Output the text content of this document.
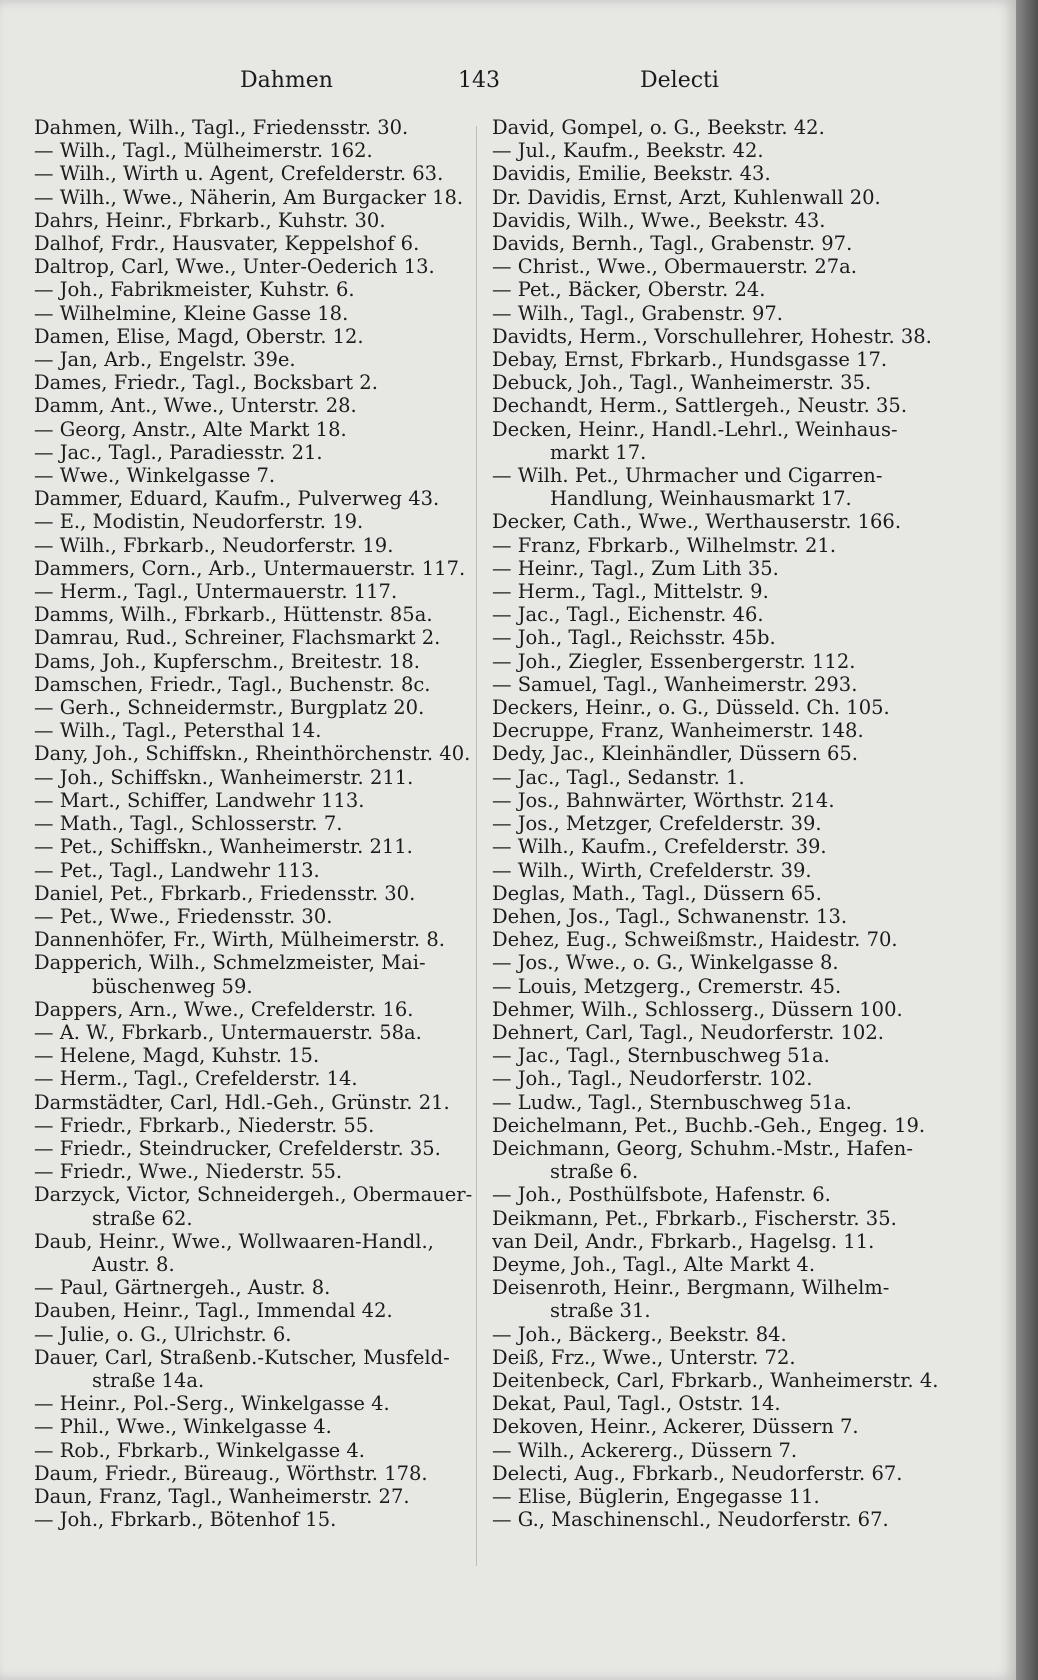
Dahmen	143	Delecti
Dahmen, Wilh., Tagl., Friedensstr. 30.
— Wilh., Tagl., Mülheimerstr. 162.
— Wilh., Wirth u. Agent, Crefelderstr. 63.
— Wilh., Wwe., Näherin, Am Burgacker 18.
Dahrs, Heinr., Fbrkarb., Kuhstr. 30.
Dalhof, Frdr., Hausvater, Keppelshof 6.
Daltrop, Carl, Wwe., Unter-Oederich 13.
— Joh., Fabrikmeister, Kuhstr. 6.
— Wilhelmine, Kleine Gasse 18.
Damen, Elise, Magd, Oberstr. 12.
— Jan, Arb., Engelstr. 39e.
Dames, Friedr., Tagl., Bocksbart 2.
Damm, Ant., Wwe., Unterstr. 28.
— Georg, Anstr., Alte Markt 18.
— Jac., Tagl., Paradiesstr. 21.
— Wwe., Winkelgasse 7.
Dammer, Eduard, Kaufm., Pulverweg 43.
— E., Modistin, Neudorferstr. 19.
— Wilh., Fbrkarb., Neudorferstr. 19.
Dammers, Corn., Arb., Untermauerstr. 117.
— Herm., Tagl., Untermauerstr. 117.
Damms, Wilh., Fbrkarb., Hüttenstr. 85a.
Damrau, Rud., Schreiner, Flachsmarkt 2.
Dams, Joh., Kupferschm., Breitestr. 18.
Damschen, Friedr., Tagl., Buchenstr. 8c.
— Gerh., Schneidermstr., Burgplatz 20.
— Wilh., Tagl., Petersthal 14.
Dany, Joh., Schiffskn., Rheinthörchenstr. 40.
— Joh., Schiffskn., Wanheimerstr. 211.
— Mart., Schiffer, Landwehr 113.
— Math., Tagl., Schlosserstr. 7.
— Pet., Schiffskn., Wanheimerstr. 211.
— Pet., Tagl., Landwehr 113.
Daniel, Pet., Fbrkarb., Friedensstr. 30.
— Pet., Wwe., Friedensstr. 30.
Dannenhöfer, Fr., Wirth, Mülheimerstr. 8.
Dapperich, Wilh., Schmelzmeister, Mai-
büschenweg 59.
Dappers, Arn., Wwe., Crefelderstr. 16.
— A. W., Fbrkarb., Untermauerstr. 58a.
— Helene, Magd, Kuhstr. 15.
— Herm., Tagl., Crefelderstr. 14.
Darmstädter, Carl, Hdl.-Geh., Grünstr. 21.
— Friedr., Fbrkarb., Niederstr. 55.
— Friedr., Steindrucker, Crefelderstr. 35.
— Friedr., Wwe., Niederstr. 55.
Darzyck, Victor, Schneidergeh., Obermauer-
straße 62.
Daub, Heinr., Wwe., Wollwaaren-Handl.,
Austr. 8.
— Paul, Gärtnergeh., Austr. 8.
Dauben, Heinr., Tagl., Immendal 42.
— Julie, o. G., Ulrichstr. 6.
Dauer, Carl, Straßenb.-Kutscher, Musfeld-
straße 14a.
— Heinr., Pol.-Serg., Winkelgasse 4.
— Phil., Wwe., Winkelgasse 4.
— Rob., Fbrkarb., Winkelgasse 4.
Daum, Friedr., Büreaug., Wörthstr. 178.
Daun, Franz, Tagl., Wanheimerstr. 27.
— Joh., Fbrkarb., Bötenhof 15.
David, Gompel, o. G., Beekstr. 42.
— Jul., Kaufm., Beekstr. 42.
Davidis, Emilie, Beekstr. 43.
Dr. Davidis, Ernst, Arzt, Kuhlenwall 20.
Davidis, Wilh., Wwe., Beekstr. 43.
Davids, Bernh., Tagl., Grabenstr. 97.
— Christ., Wwe., Obermauerstr. 27a.
— Pet., Bäcker, Oberstr. 24.
— Wilh., Tagl., Grabenstr. 97.
Davidts, Herm., Vorschullehrer, Hohestr. 38.
Debay, Ernst, Fbrkarb., Hundsgasse 17.
Debuck, Joh., Tagl., Wanheimerstr. 35.
Dechandt, Herm., Sattlergeh., Neustr. 35.
Decken, Heinr., Handl.-Lehrl., Weinhaus-
markt 17.
— Wilh. Pet., Uhrmacher und Cigarren-
Handlung, Weinhausmarkt 17.
Decker, Cath., Wwe., Werthauserstr. 166.
— Franz, Fbrkarb., Wilhelmstr. 21.
— Heinr., Tagl., Zum Lith 35.
— Herm., Tagl., Mittelstr. 9.
— Jac., Tagl., Eichenstr. 46.
— Joh., Tagl., Reichsstr. 45b.
— Joh., Ziegler, Essenbergerstr. 112.
— Samuel, Tagl., Wanheimerstr. 293.
Deckers, Heinr., o. G., Düsseld. Ch. 105.
Decruppe, Franz, Wanheimerstr. 148.
Dedy, Jac., Kleinhändler, Düssern 65.
— Jac., Tagl., Sedanstr. 1.
— Jos., Bahnwärter, Wörthstr. 214.
— Jos., Metzger, Crefelderstr. 39.
— Wilh., Kaufm., Crefelderstr. 39.
— Wilh., Wirth, Crefelderstr. 39.
Deglas, Math., Tagl., Düssern 65.
Dehen, Jos., Tagl., Schwanenstr. 13.
Dehez, Eug., Schweißmstr., Haidestr. 70.
— Jos., Wwe., o. G., Winkelgasse 8.
— Louis, Metzgerg., Cremerstr. 45.
Dehmer, Wilh., Schlosserg., Düssern 100.
Dehnert, Carl, Tagl., Neudorferstr. 102.
— Jac., Tagl., Sternbuschweg 51a.
— Joh., Tagl., Neudorferstr. 102.
— Ludw., Tagl., Sternbuschweg 51a.
Deichelmann, Pet., Buchb.-Geh., Engeg. 19.
Deichmann, Georg, Schuhm.-Mstr., Hafen-
straße 6.
— Joh., Posthülfsbote, Hafenstr. 6.
Deikmann, Pet., Fbrkarb., Fischerstr. 35.
van Deil, Andr., Fbrkarb., Hagelsg. 11.
Deyme, Joh., Tagl., Alte Markt 4.
Deisenroth, Heinr., Bergmann, Wilhelm-
straße 31.
— Joh., Bäckerg., Beekstr. 84.
Deiß, Frz., Wwe., Unterstr. 72.
Deitenbeck, Carl, Fbrkarb., Wanheimerstr. 4.
Dekat, Paul, Tagl., Oststr. 14.
Dekoven, Heinr., Ackerer, Düssern 7.
— Wilh., Ackererg., Düssern 7.
Delecti, Aug., Fbrkarb., Neudorferstr. 67.
— Elise, Büglerin, Engegasse 11.
— G., Maschinenschl., Neudorferstr. 67.
